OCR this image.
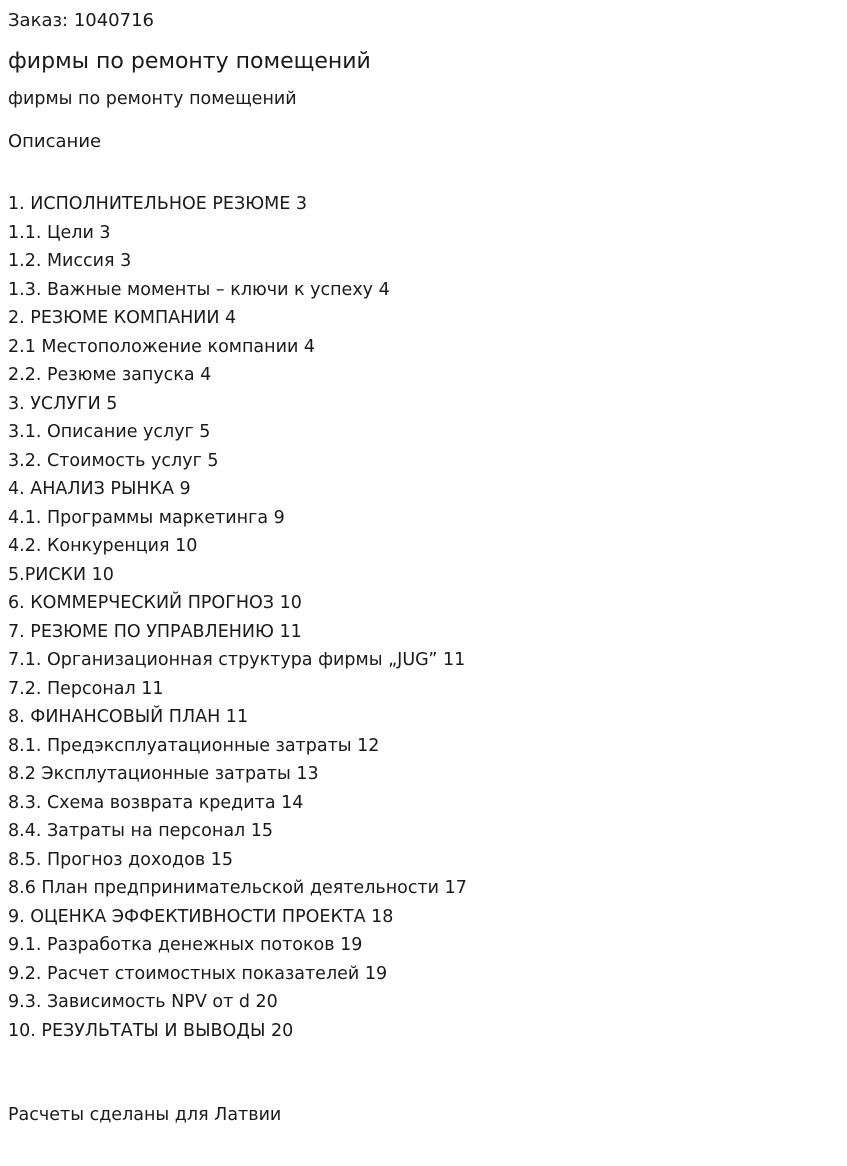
Заказ: 1040716
фирмы по ремонту помещений
фирмы по ремонту помещений
Описание
1. ИСПОЛНИТЕЛЬНОЕ РЕЗЮМЕ 3
1.1. Цели 3
1.2. Миссия 3
1.3. Важные моменты – ключи к успеху 4
2. РЕЗЮМЕ КОМПАНИИ 4
2.1 Местоположение компании 4
2.2. Резюме запуска 4
3. УСЛУГИ 5
3.1. Описание услуг 5
3.2. Стоимость услуг 5
4. АНАЛИЗ РЫНКА 9
4.1. Программы маркетинга 9
4.2. Конкуренция 10
5.РИСКИ 10
6. КОММЕРЧЕСКИЙ ПРОГНОЗ 10
7. РЕЗЮМЕ ПО УПРАВЛЕНИЮ 11
7.1. Организационная структура фирмы „JUG” 11
7.2. Персонал 11
8. ФИНАНСОВЫЙ ПЛАН 11
8.1. Предэксплуатационные затраты 12
8.2 Эксплутационные затраты 13
8.3. Схема возврата кредита 14
8.4. Затраты на персонал 15
8.5. Прогноз доходов 15
8.6 План предпринимательской деятельности 17
9. ОЦЕНКА ЭФФЕКТИВНОСТИ ПРОЕКТА 18
9.1. Разработка денежных потоков 19
9.2. Расчет стоимостных показателей 19
9.3. Зависимость NPV от d 20
10. РЕЗУЛЬТАТЫ И ВЫВОДЫ 20
Расчеты сделаны для Латвии
